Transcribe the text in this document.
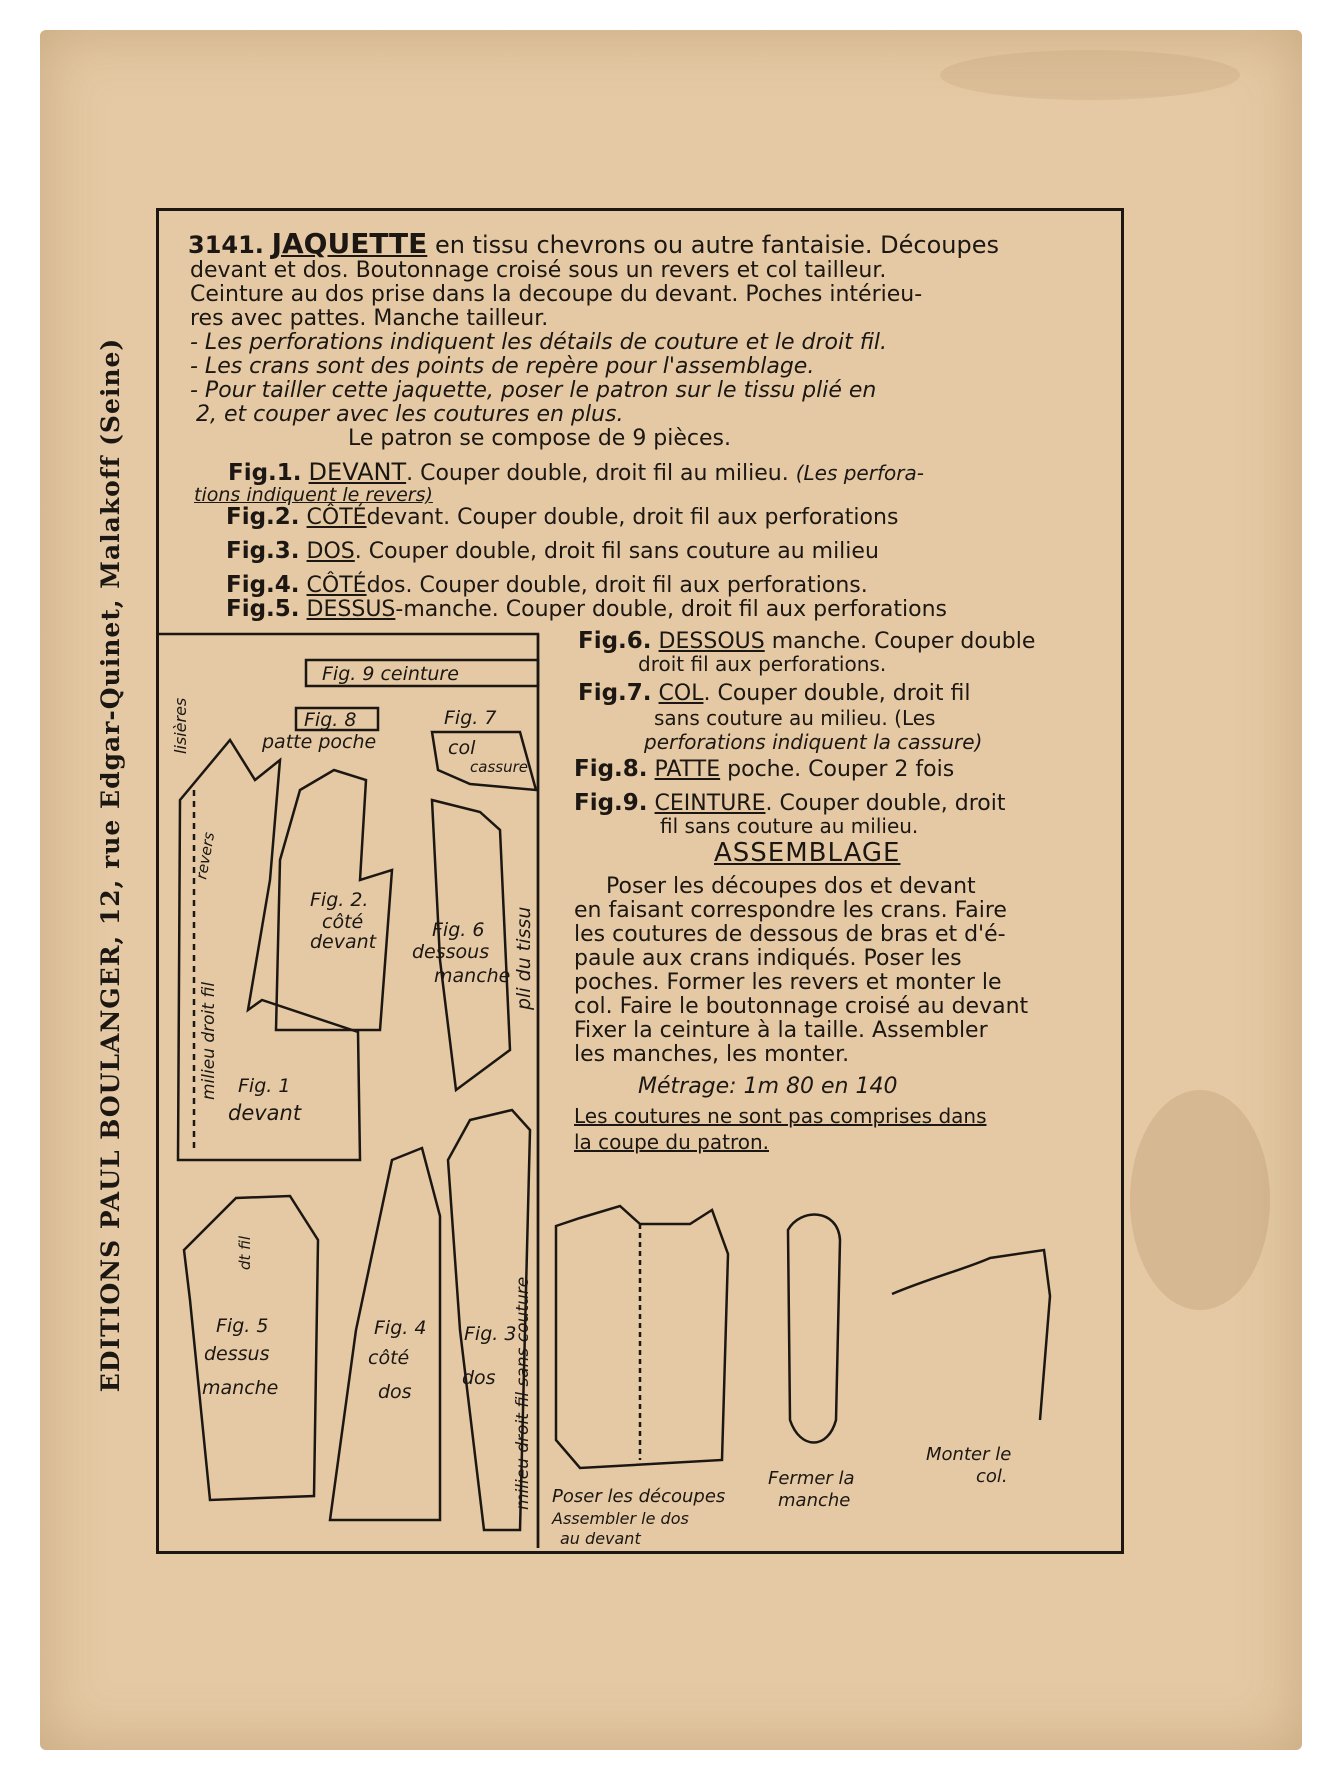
EDITIONS PAUL BOULANGER, 12, rue Edgar-Quinet, Malakoff (Seine)
3141. JAQUETTE en tissu chevrons ou autre fantaisie. Découpes
devant et dos. Boutonnage croisé sous un revers et col tailleur.
Ceinture au dos prise dans la decoupe du devant. Poches intérieu-
res avec pattes. Manche tailleur.
- Les perforations indiquent les détails de couture et le droit fil.
- Les crans sont des points de repère pour l'assemblage.
- Pour tailler cette jaquette, poser le patron sur le tissu plié en
2, et couper avec les coutures en plus.
Le patron se compose de 9 pièces.
Fig.1. DEVANT. Couper double, droit fil au milieu. (Les perfora-
tions indiquent le revers)
Fig.2. CÔTÉdevant. Couper double, droit fil aux perforations
Fig.3. DOS. Couper double, droit fil sans couture au milieu
Fig.4. CÔTÉdos. Couper double, droit fil aux perforations.
Fig.5. DESSUS-manche. Couper double, droit fil aux perforations
Fig.6. DESSOUS manche. Couper double
droit fil aux perforations.
Fig.7. COL. Couper double, droit fil
sans couture au milieu. (Les
perforations indiquent la cassure)
Fig.8. PATTE poche. Couper 2 fois
Fig.9. CEINTURE. Couper double, droit
fil sans couture au milieu.
ASSEMBLAGE
Poser les découpes dos et devant
en faisant correspondre les crans. Faire
les coutures de dessous de bras et d'é-
paule aux crans indiqués. Poser les
poches. Former les revers et monter le
col. Faire le boutonnage croisé au devant
Fixer la ceinture à la taille. Assembler
les manches, les monter.
Métrage: 1m 80 en 140
Les coutures ne sont pas comprises dans
la coupe du patron.
Fig. 9 ceinture
Fig. 8
patte poche
Fig. 7
col
cassure
lisières
revers
Fig. 2.
côté
devant
Fig. 6
dessous
manche pli du tissu
milieu droit fil Fig. 1
devant
Fig. 5
dessus
manche
Fig. 4
côté
dos
Fig. 3
dos milieu droit fil sans couture
dt fil
Poser les découpes
Assembler le dos
au devant
Fermer la
manche
Monter le
col.
